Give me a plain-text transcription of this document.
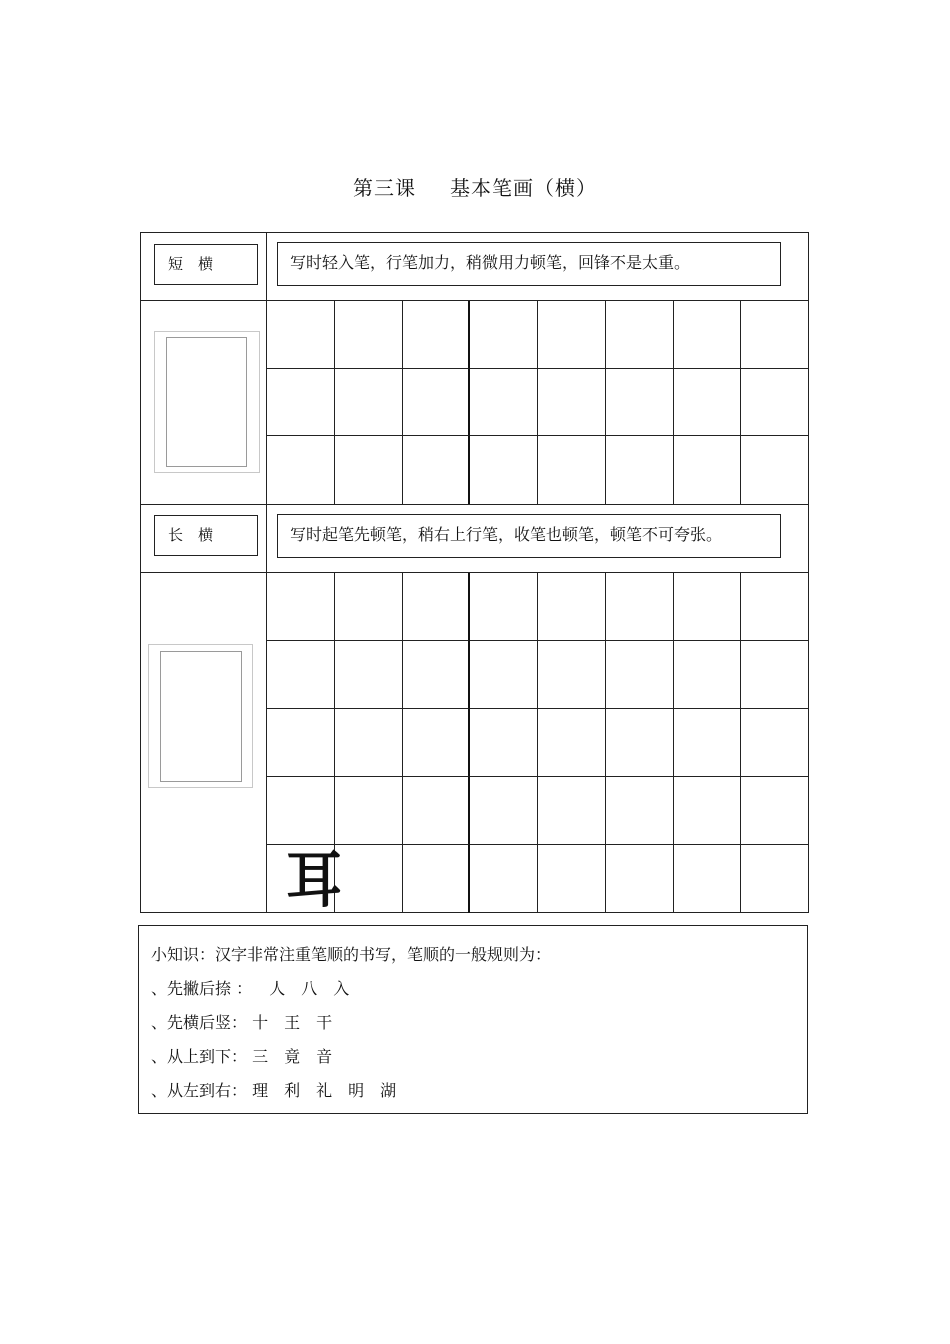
第三课 基本笔画（横）
短　横	写时轻入笔，行笔加力，稍微用力顿笔，回锋不是太重。
长　横	写时起笔先顿笔，稍右上行笔，收笔也顿笔，顿笔不可夸张。
耳
小知识：汉字非常注重笔顺的书写，笔顺的一般规则为：
、先撇后捺 ： 人 八 入
、先横后竖： 十 王 干
、从上到下： 三 竟 音
、从左到右： 理 利 礼 明 湖
